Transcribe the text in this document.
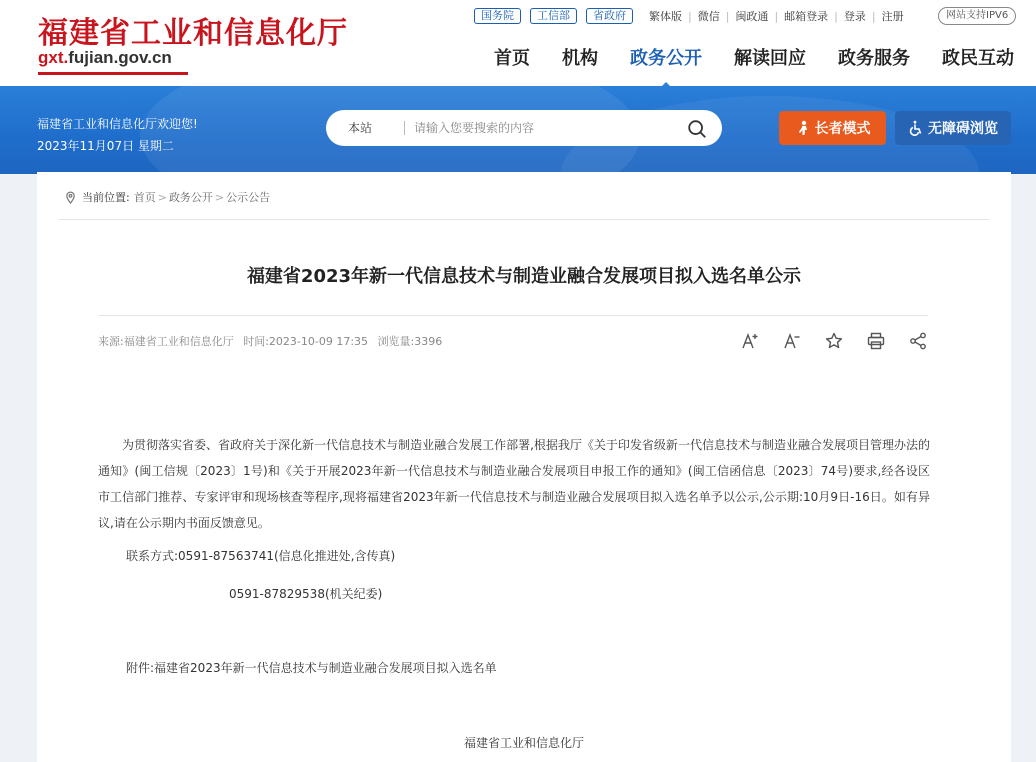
福建省工业和信息化厅
gxt.fujian.gov.cn
国务院	工信部	省政府	繁体版 | 微信 | 闽政通 | 邮箱登录 | 登录 | 注册	网站支持IPV6
首页 机构 政务公开 解读回应 政务服务 政民互动
福建省工业和信息化厅欢迎您!
2023年11月07日 星期二
本站
请输入您要搜索的内容	长者模式	无障碍浏览
当前位置: 首页 > 政务公开 > 公示公告
福建省2023年新一代信息技术与制造业融合发展项目拟入选名单公示
来源:福建省工业和信息化厅 时间:2023-10-09 17:35 浏览量:3396

为贯彻落实省委、省政府关于深化新一代信息技术与制造业融合发展工作部署,根据我厅《关于印发省级新一代信息技术与制造业融合发展项目管理办法的通知》(闽工信规〔2023〕1号)和《关于开展2023年新一代信息技术与制造业融合发展项目申报工作的通知》(闽工信函信息〔2023〕74号)要求,经各设区市工信部门推荐、专家评审和现场核查等程序,现将福建省2023年新一代信息技术与制造业融合发展项目拟入选名单予以公示,公示期:10月9日-16日。如有异议,请在公示期内书面反馈意见。

联系方式:0591-87563741(信息化推进处,含传真)
0591-87829538(机关纪委)
附件:福建省2023年新一代信息技术与制造业融合发展项目拟入选名单
福建省工业和信息化厅
